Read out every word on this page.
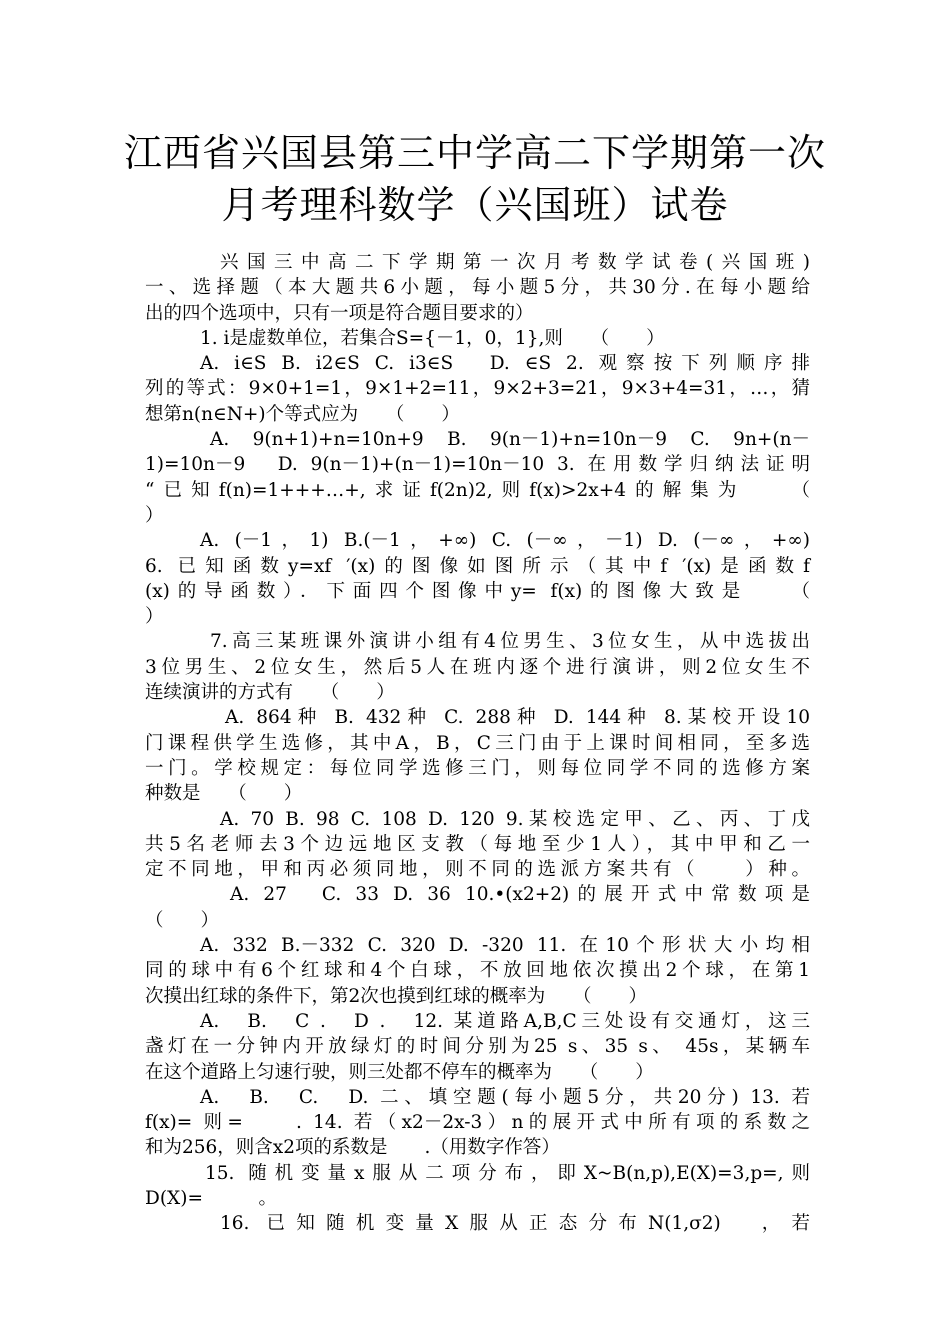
江西省兴国县第三中学高二下学期第一次
月考理科数学（兴国班）试卷
兴国三中高二下学期第一次月考数学试卷(兴国班)
一、选择题（本大题共6小题，每小题5分，共30分.在每小题给
出的四个选项中，只有一项是符合题目要求的）
1. i是虚数单位，若集合S={－1，0，1},则　　（　　）
A. i∈S B. i2∈S C. i3∈S　D. ∈S 2. 观察按下列顺序排
列的等式：9×0+1=1，9×1+2=11，9×2+3=21，9×3+4=31，…，猜
想第n(n∈N+)个等式应为　　（　　）
A.　9(n+1)+n=10n+9　B.　9(n－1)+n=10n－9　C.　9n+(n－
1)=10n－9　D. 9(n－1)+(n－1)=10n－10 3. 在用数学归纳法证明
“已知f(n)=1+++…+,求证f(2n)2,则f(x)>2x+4的解集为　　（
）
A. (－1，1) B.(－1，+∞) C. (－∞，－1) D. (－∞，+∞)
6. 已知函数y=xf ′(x)的图像如图所示（其中f ′(x)是函数f
(x)的导函数）．下面四个图像中y= f(x)的图像大致是　　（
）
7.高三某班课外演讲小组有4位男生、3位女生，从中选拔出
3位男生、2位女生，然后5人在班内逐个进行演讲，则2位女生不
连续演讲的方式有　　（　　）
A. 864种 B. 432种 C. 288种 D. 144种 8.某校开设10
门课程供学生选修，其中A，B，C三门由于上课时间相同，至多选
一门。学校规定：每位同学选修三门，则每位同学不同的选修方案
种数是　　（　　）
A. 70 B. 98 C. 108 D. 120 9.某校选定甲、乙、丙、丁戊
共5名老师去3个边远地区支教（每地至少1人），其中甲和乙一
定不同地，甲和丙必须同地，则不同的选派方案共有（　　）种。
A. 27　C. 33 D. 36 10.•(x2+2)的展开式中常数项是
（　　）
A. 332 B.－332 C. 320 D. -320 11. 在10个形状大小均相
同的球中有6个红球和4个白球，不放回地依次摸出2个球，在第1
次摸出红球的条件下，第2次也摸到红球的概率为　　（　　）
A.　B.　C .　D .　12. 某道路A,B,C三处设有交通灯，这三
盏灯在一分钟内开放绿灯的时间分别为25 s、35 s、 45s，某辆车
在这个道路上匀速行驶，则三处都不停车的概率为　　（　　）
A.　B.　C.　D. 二、填空题(每小题5分，共20分) 13. 若
f(x)= 则=　　. 14. 若（x2－2x-3）n的展开式中所有项的系数之
和为256，则含x2项的系数是　　.（用数字作答）
15. 随机变量x服从二项分布，即X~B(n,p),E(X)=3,p=,则
D(X)=　　　。
16. 已知随机变量X服从正态分布N(1,σ2)　，若
